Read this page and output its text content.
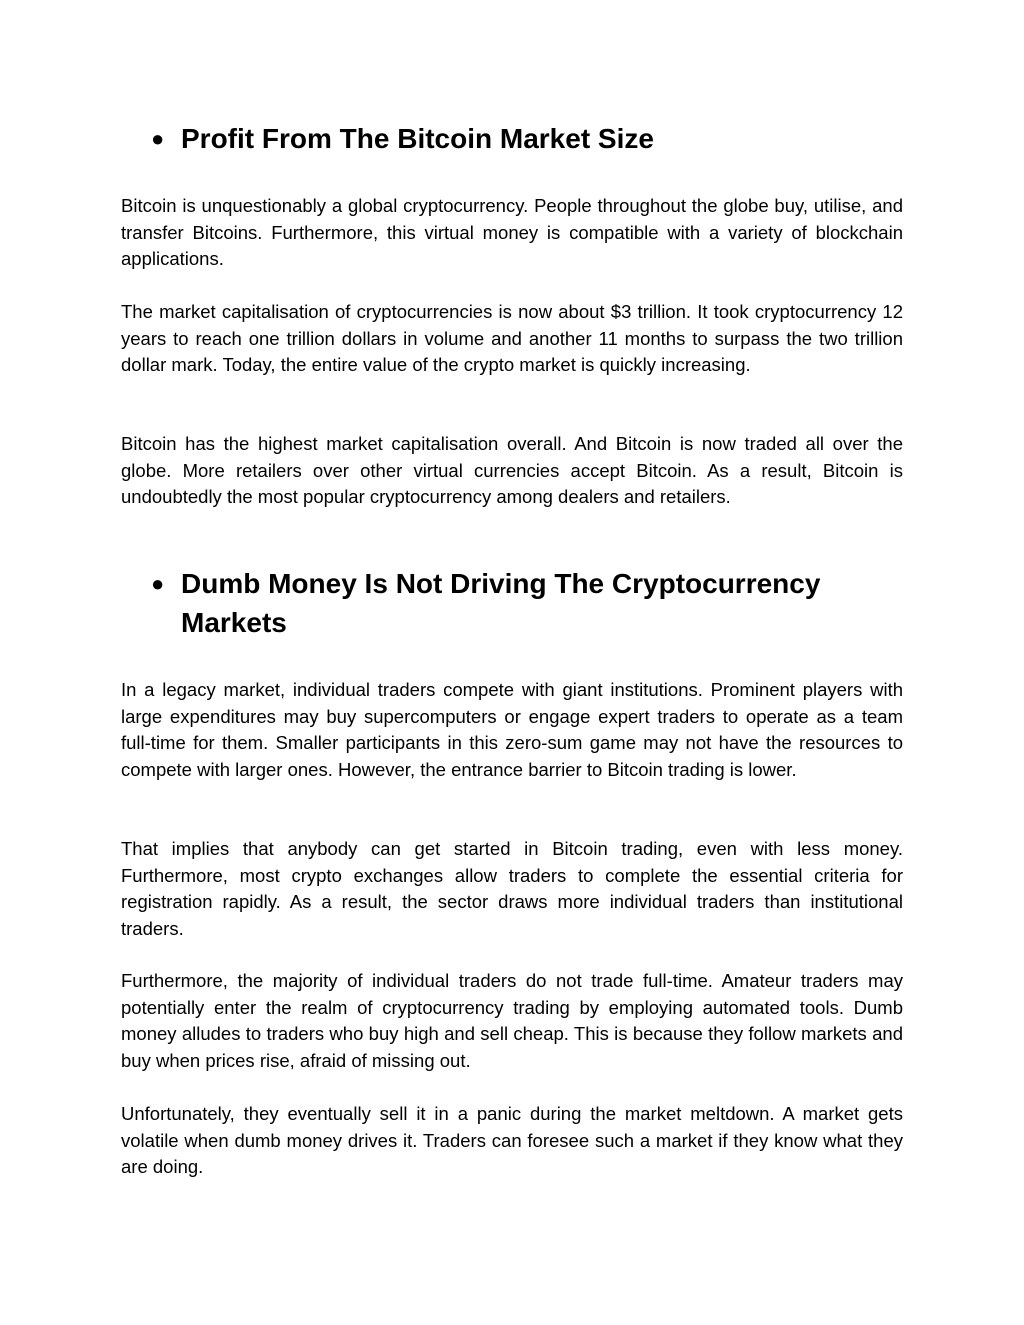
● Profit From The Bitcoin Market Size

Bitcoin is unquestionably a global cryptocurrency. People throughout the globe buy, utilise, and transfer Bitcoins. Furthermore, this virtual money is compatible with a variety of blockchain applications.

The market capitalisation of cryptocurrencies is now about $3 trillion. It took cryptocurrency 12 years to reach one trillion dollars in volume and another 11 months to surpass the two trillion dollar mark. Today, the entire value of the crypto market is quickly increasing.

Bitcoin has the highest market capitalisation overall. And Bitcoin is now traded all over the globe. More retailers over other virtual currencies accept Bitcoin. As a result, Bitcoin is undoubtedly the most popular cryptocurrency among dealers and retailers.

● Dumb Money Is Not Driving The Cryptocurrency Markets

In a legacy market, individual traders compete with giant institutions. Prominent players with large expenditures may buy supercomputers or engage expert traders to operate as a team full-time for them. Smaller participants in this zero-sum game may not have the resources to compete with larger ones. However, the entrance barrier to Bitcoin trading is lower.

That implies that anybody can get started in Bitcoin trading, even with less money. Furthermore, most crypto exchanges allow traders to complete the essential criteria for registration rapidly. As a result, the sector draws more individual traders than institutional traders.

Furthermore, the majority of individual traders do not trade full-time. Amateur traders may potentially enter the realm of cryptocurrency trading by employing automated tools. Dumb money alludes to traders who buy high and sell cheap. This is because they follow markets and buy when prices rise, afraid of missing out.

Unfortunately, they eventually sell it in a panic during the market meltdown. A market gets volatile when dumb money drives it. Traders can foresee such a market if they know what they are doing.
